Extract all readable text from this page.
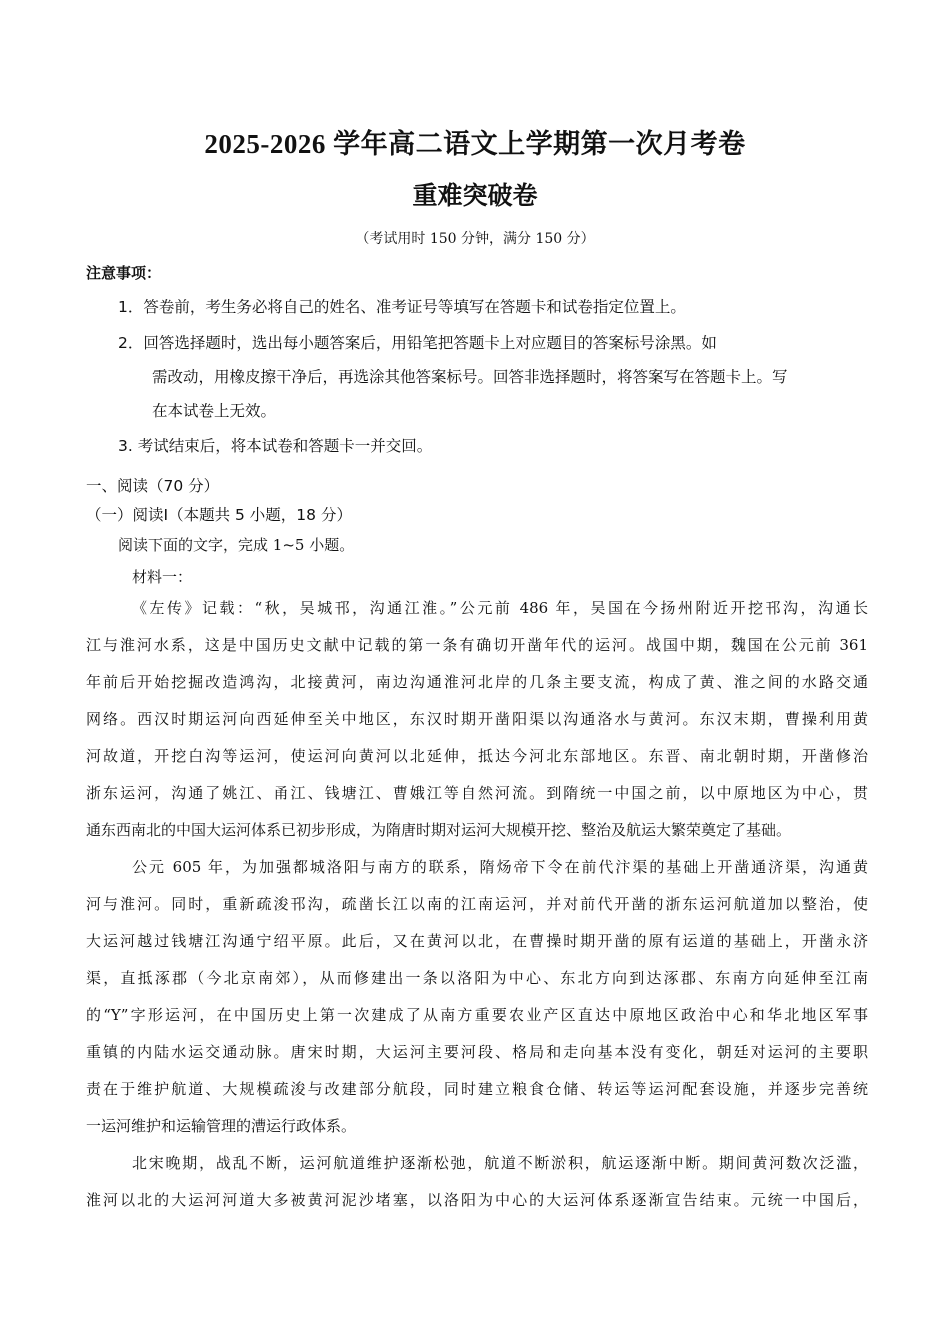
2025-2026 学年高二语文上学期第一次月考卷
重难突破卷
（考试用时 150 分钟，满分 150 分）
注意事项：
1．答卷前，考生务必将自己的姓名、准考证号等填写在答题卡和试卷指定位置上。
2．回答选择题时，选出每小题答案后，用铅笔把答题卡上对应题目的答案标号涂黑。如
需改动，用橡皮擦干净后，再选涂其他答案标号。回答非选择题时，将答案写在答题卡上。写
在本试卷上无效。
3. 考试结束后，将本试卷和答题卡一并交回。
一、阅读（70 分）
（一）阅读Ⅰ（本题共 5 小题，18 分）
阅读下面的文字，完成 1~5 小题。
材料一：
《左传》记载：“秋，吴城邗，沟通江淮。”公元前 486 年，吴国在今扬州附近开挖邗沟，沟通长
江与淮河水系，这是中国历史文献中记载的第一条有确切开凿年代的运河。战国中期，魏国在公元前 361
年前后开始挖掘改造鸿沟，北接黄河，南边沟通淮河北岸的几条主要支流，构成了黄、淮之间的水路交通
网络。西汉时期运河向西延伸至关中地区，东汉时期开凿阳渠以沟通洛水与黄河。东汉末期，曹操利用黄
河故道，开挖白沟等运河，使运河向黄河以北延伸，抵达今河北东部地区。东晋、南北朝时期，开凿修治
浙东运河，沟通了姚江、甬江、钱塘江、曹娥江等自然河流。到隋统一中国之前，以中原地区为中心，贯
通东西南北的中国大运河体系已初步形成，为隋唐时期对运河大规模开挖、整治及航运大繁荣奠定了基础。
公元 605 年，为加强都城洛阳与南方的联系，隋炀帝下令在前代汴渠的基础上开凿通济渠，沟通黄
河与淮河。同时，重新疏浚邗沟，疏凿长江以南的江南运河，并对前代开凿的浙东运河航道加以整治，使
大运河越过钱塘江沟通宁绍平原。此后，又在黄河以北，在曹操时期开凿的原有运道的基础上，开凿永济
渠，直抵涿郡（今北京南郊），从而修建出一条以洛阳为中心、东北方向到达涿郡、东南方向延伸至江南
的“Y”字形运河，在中国历史上第一次建成了从南方重要农业产区直达中原地区政治中心和华北地区军事
重镇的内陆水运交通动脉。唐宋时期，大运河主要河段、格局和走向基本没有变化，朝廷对运河的主要职
责在于维护航道、大规模疏浚与改建部分航段，同时建立粮食仓储、转运等运河配套设施，并逐步完善统
一运河维护和运输管理的漕运行政体系。
北宋晚期，战乱不断，运河航道维护逐渐松弛，航道不断淤积，航运逐渐中断。期间黄河数次泛滥，
淮河以北的大运河河道大多被黄河泥沙堵塞，以洛阳为中心的大运河体系逐渐宣告结束。元统一中国后，
